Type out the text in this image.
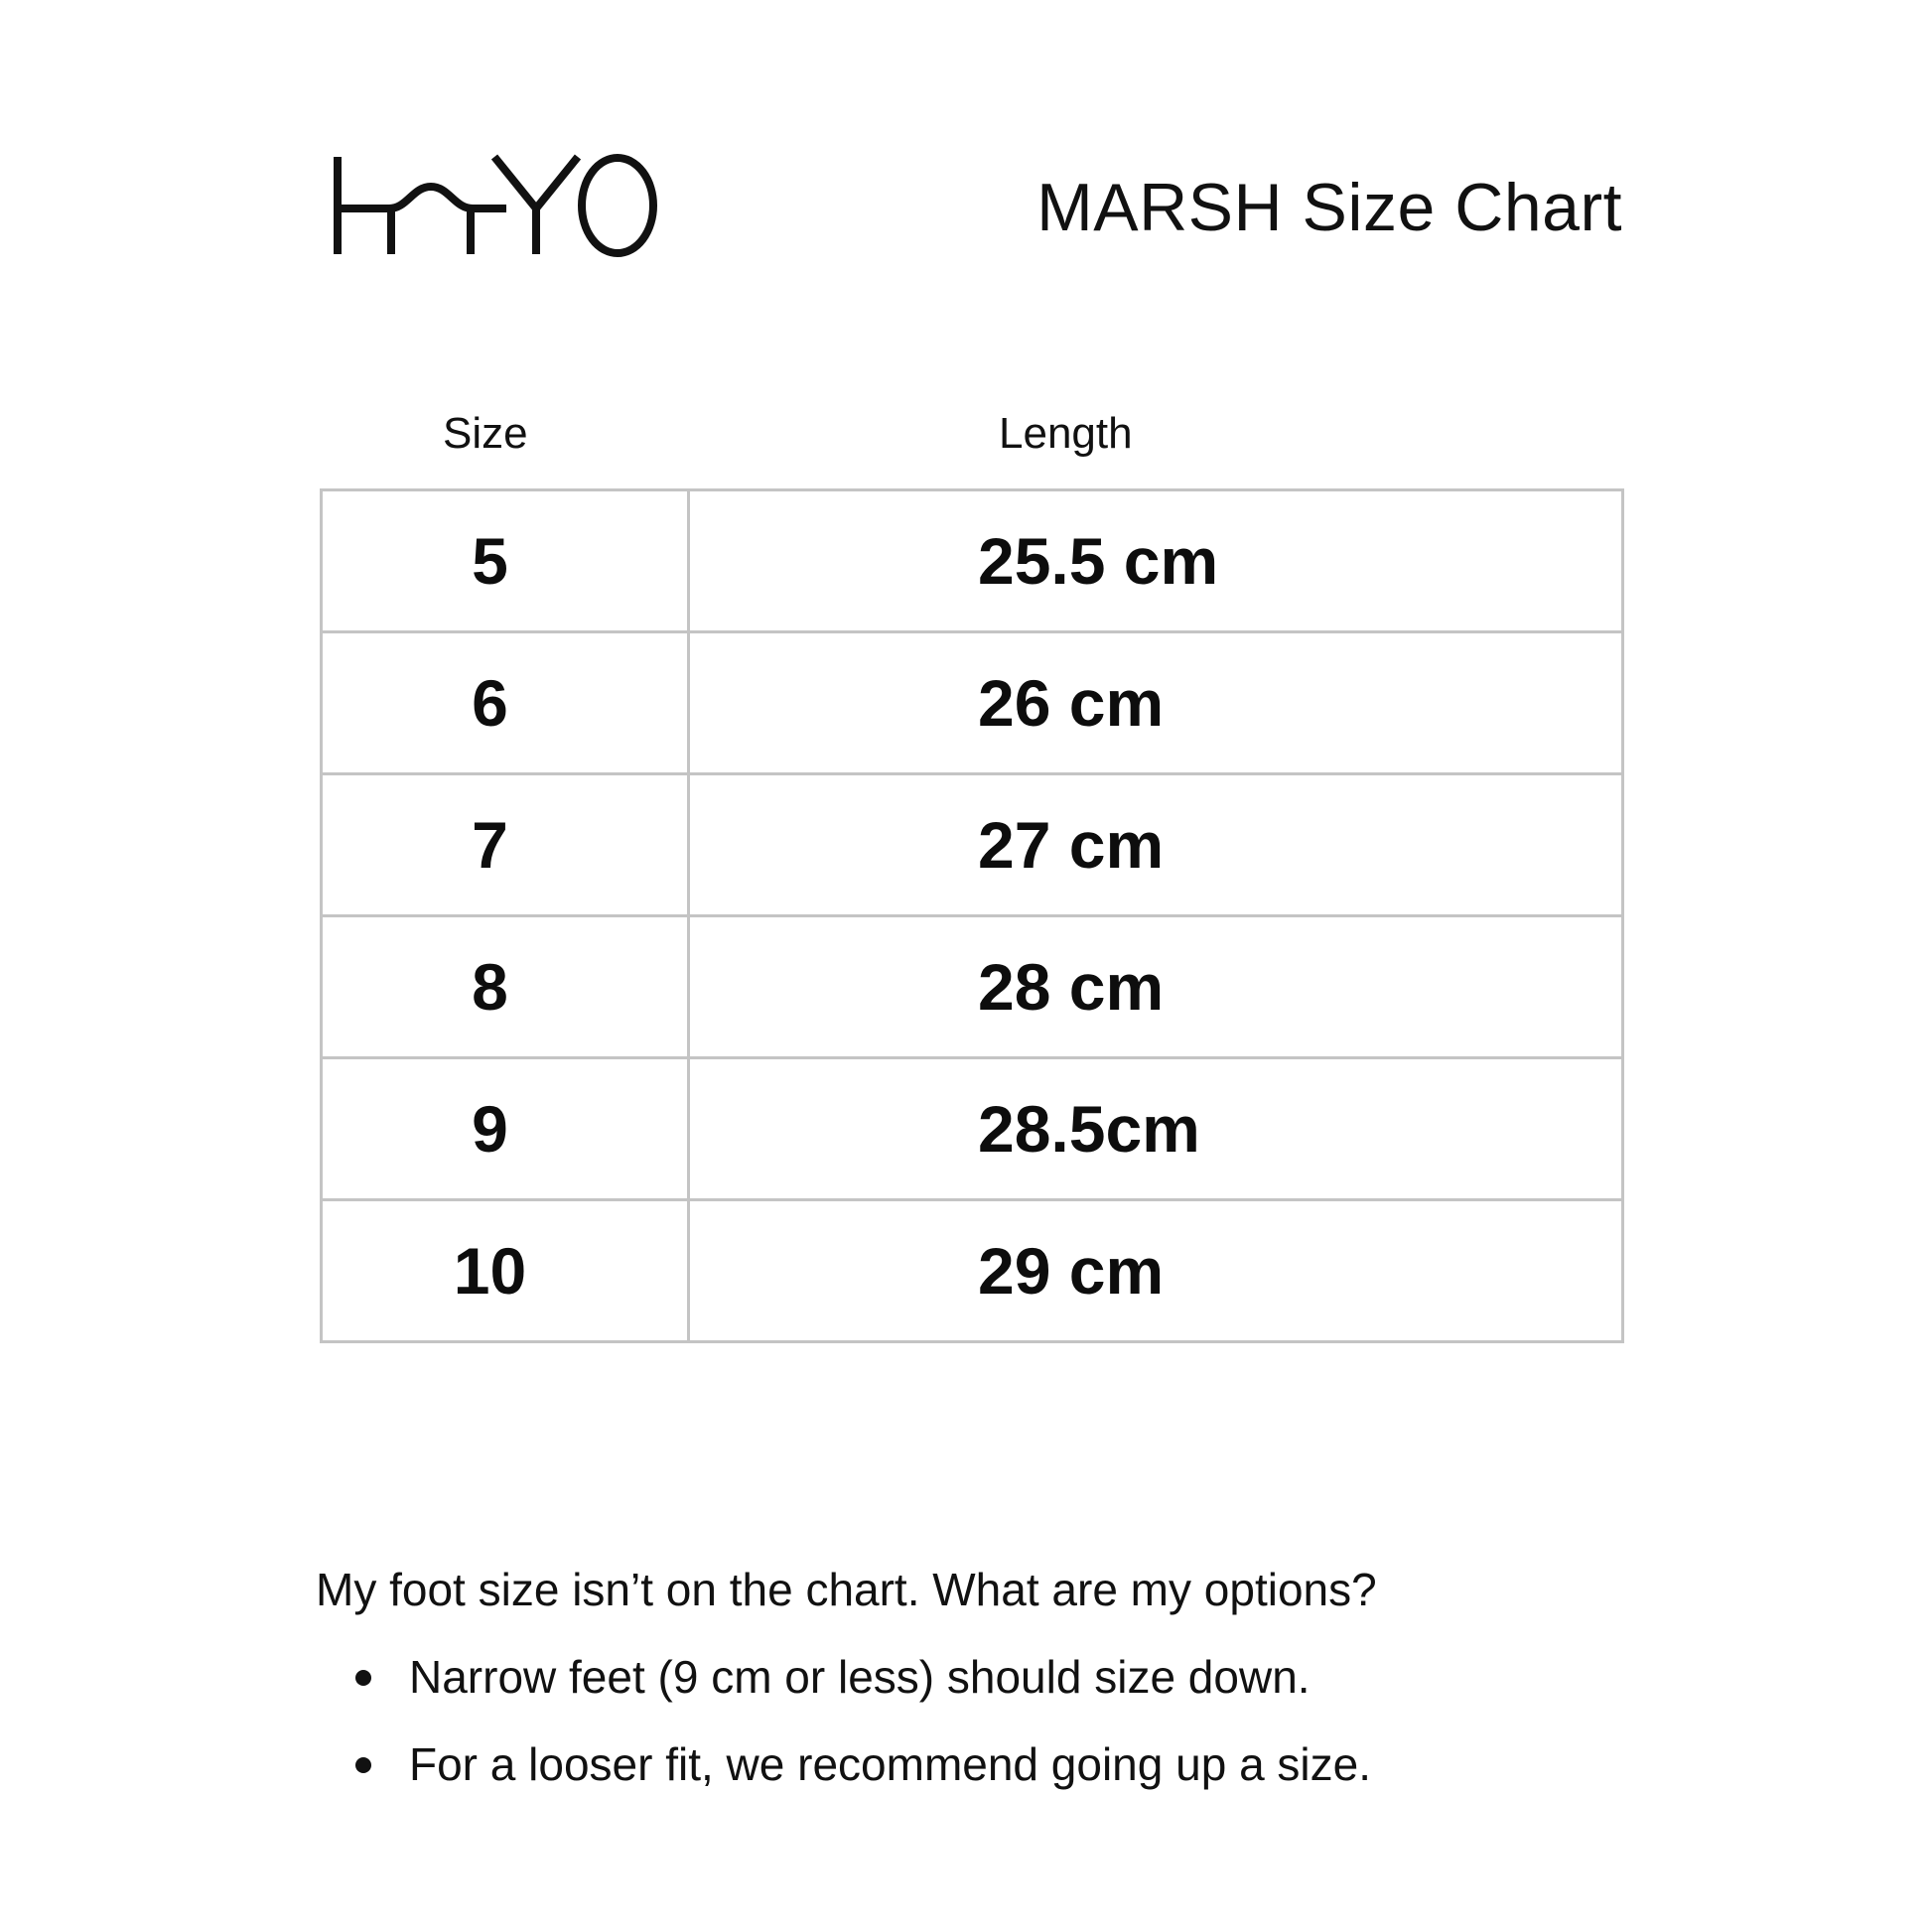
MARSH Size Chart
Size	Length
5	25.5 cm
6	26 cm
7	27 cm
8	28 cm
9	28.5cm
10	29 cm

My foot size isn’t on the chart. What are my options?

Narrow feet (9 cm or less) should size down.
For a looser fit, we recommend going up a size.
